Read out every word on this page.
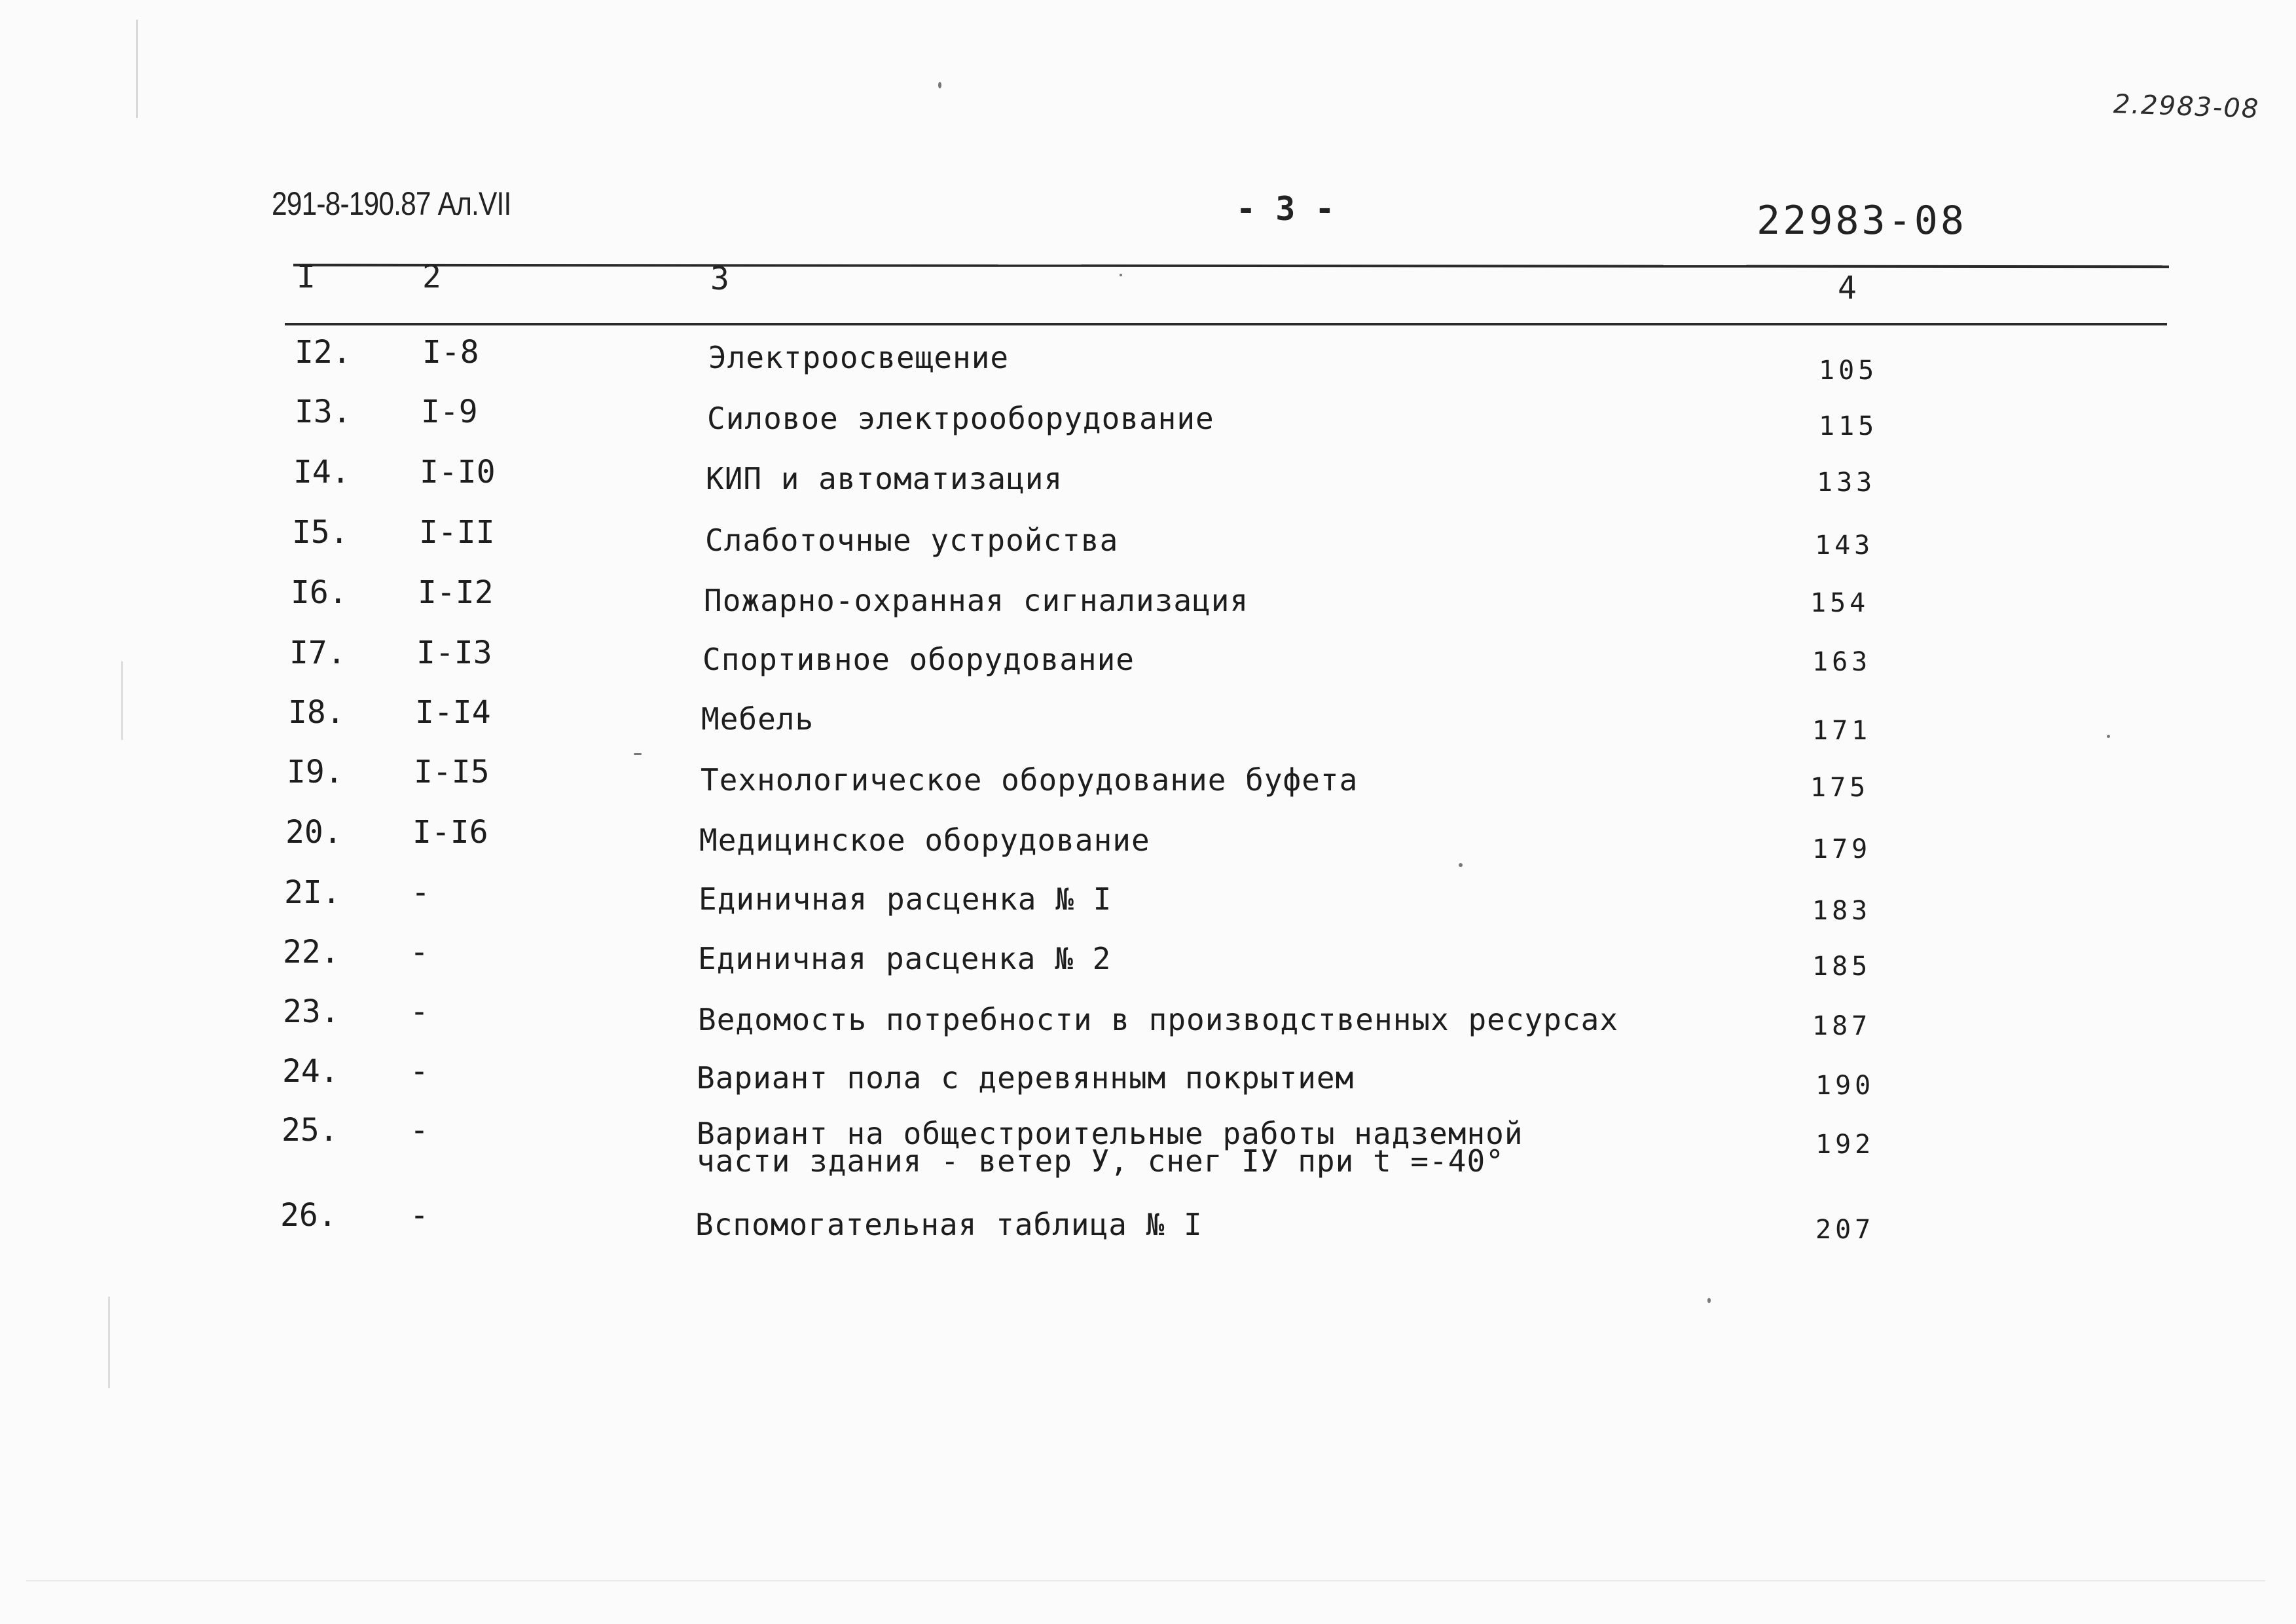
2.2983-08
291-8-190.87 Ал.VII	- 3 -	22983-08
I	2	3	4
I2.	I-8	Электроосвещение	105
I3.	I-9	Силовое электрооборудование	115
I4.	I-I0	КИП и автоматизация	133
I5.	I-II	Слаботочные устройства	143
I6.	I-I2	Пожарно-охранная сигнализация	154
I7.	I-I3	Спортивное оборудование	163
I8.	I-I4	Мебель	171
I9.	I-I5	Технологическое оборудование буфета	175
20.	I-I6	Медицинское оборудование	179
2I.	-	Единичная расценка № I	183
22.	-	Единичная расценка № 2	185
23.	-	Ведомость потребности в производственных ресурсах	187
24.	-	Вариант пола с деревянным покрытием	190
25.	-	Вариант на общестроительные работы надземной части здания - ветер У, снег IУ при t =-40°	192
26.	-	Вспомогательная таблица № I	207
